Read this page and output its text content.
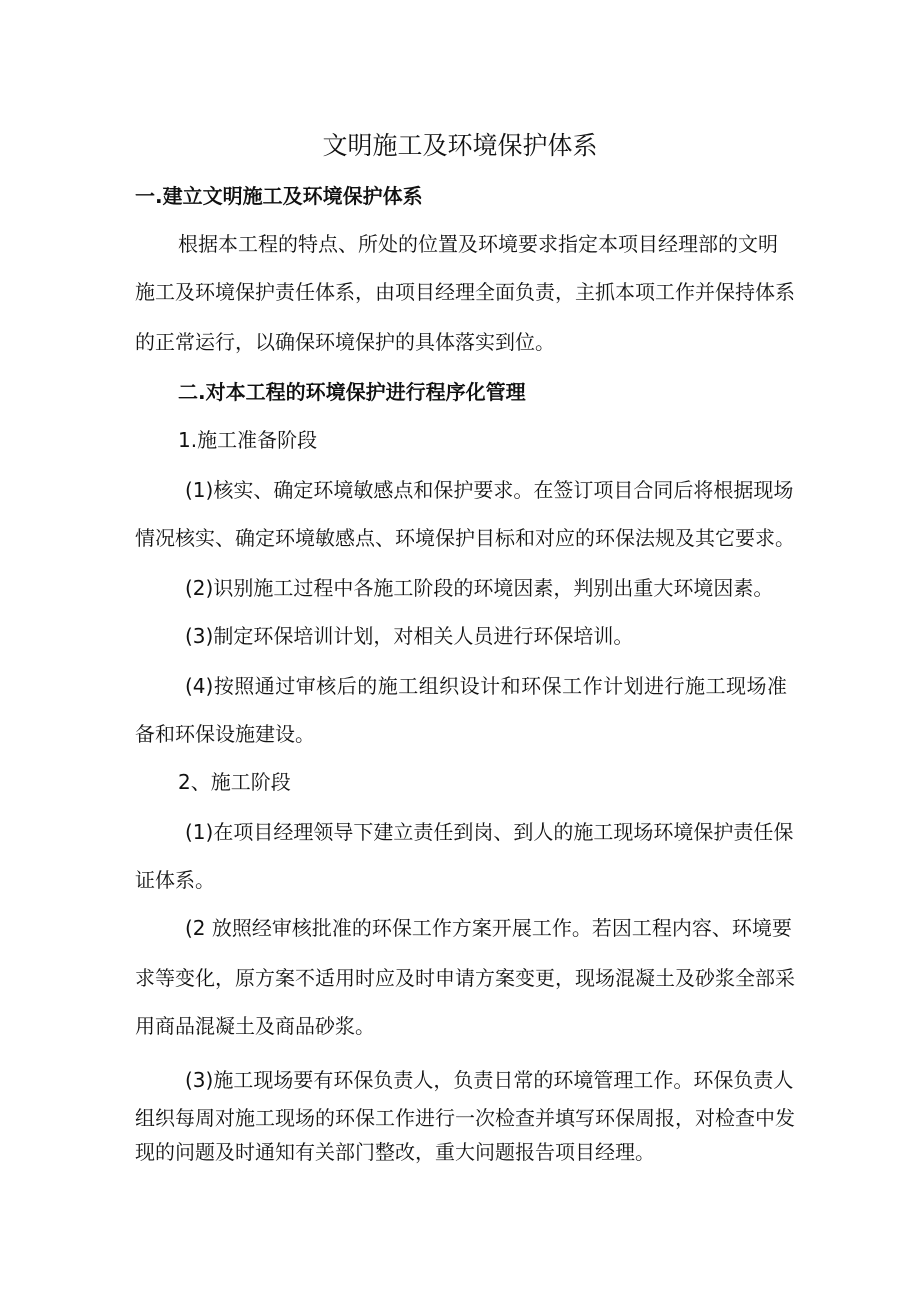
文明施工及环境保护体系
一.建立文明施工及环境保护体系
根据本工程的特点、所处的位置及环境要求指定本项目经理部的文明
施工及环境保护责任体系，由项目经理全面负责，主抓本项工作并保持体系
的正常运行，以确保环境保护的具体落实到位。
二.对本工程的环境保护进行程序化管理
1.施工准备阶段
(1)核实、确定环境敏感点和保护要求。在签订项目合同后将根据现场
情况核实、确定环境敏感点、环境保护目标和对应的环保法规及其它要求。
(2)识别施工过程中各施工阶段的环境因素，判别出重大环境因素。
(3)制定环保培训计划，对相关人员进行环保培训。
(4)按照通过审核后的施工组织设计和环保工作计划进行施工现场准
备和环保设施建设。
2、施工阶段
(1)在项目经理领导下建立责任到岗、到人的施工现场环境保护责任保
证体系。
(2 放照经审核批准的环保工作方案开展工作。若因工程内容、环境要
求等变化，原方案不适用时应及时申请方案变更，现场混凝土及砂浆全部采
用商品混凝土及商品砂浆。
(3)施工现场要有环保负责人，负责日常的环境管理工作。环保负责人
组织每周对施工现场的环保工作进行一次检查并填写环保周报，对检查中发
现的问题及时通知有关部门整改，重大问题报告项目经理。
